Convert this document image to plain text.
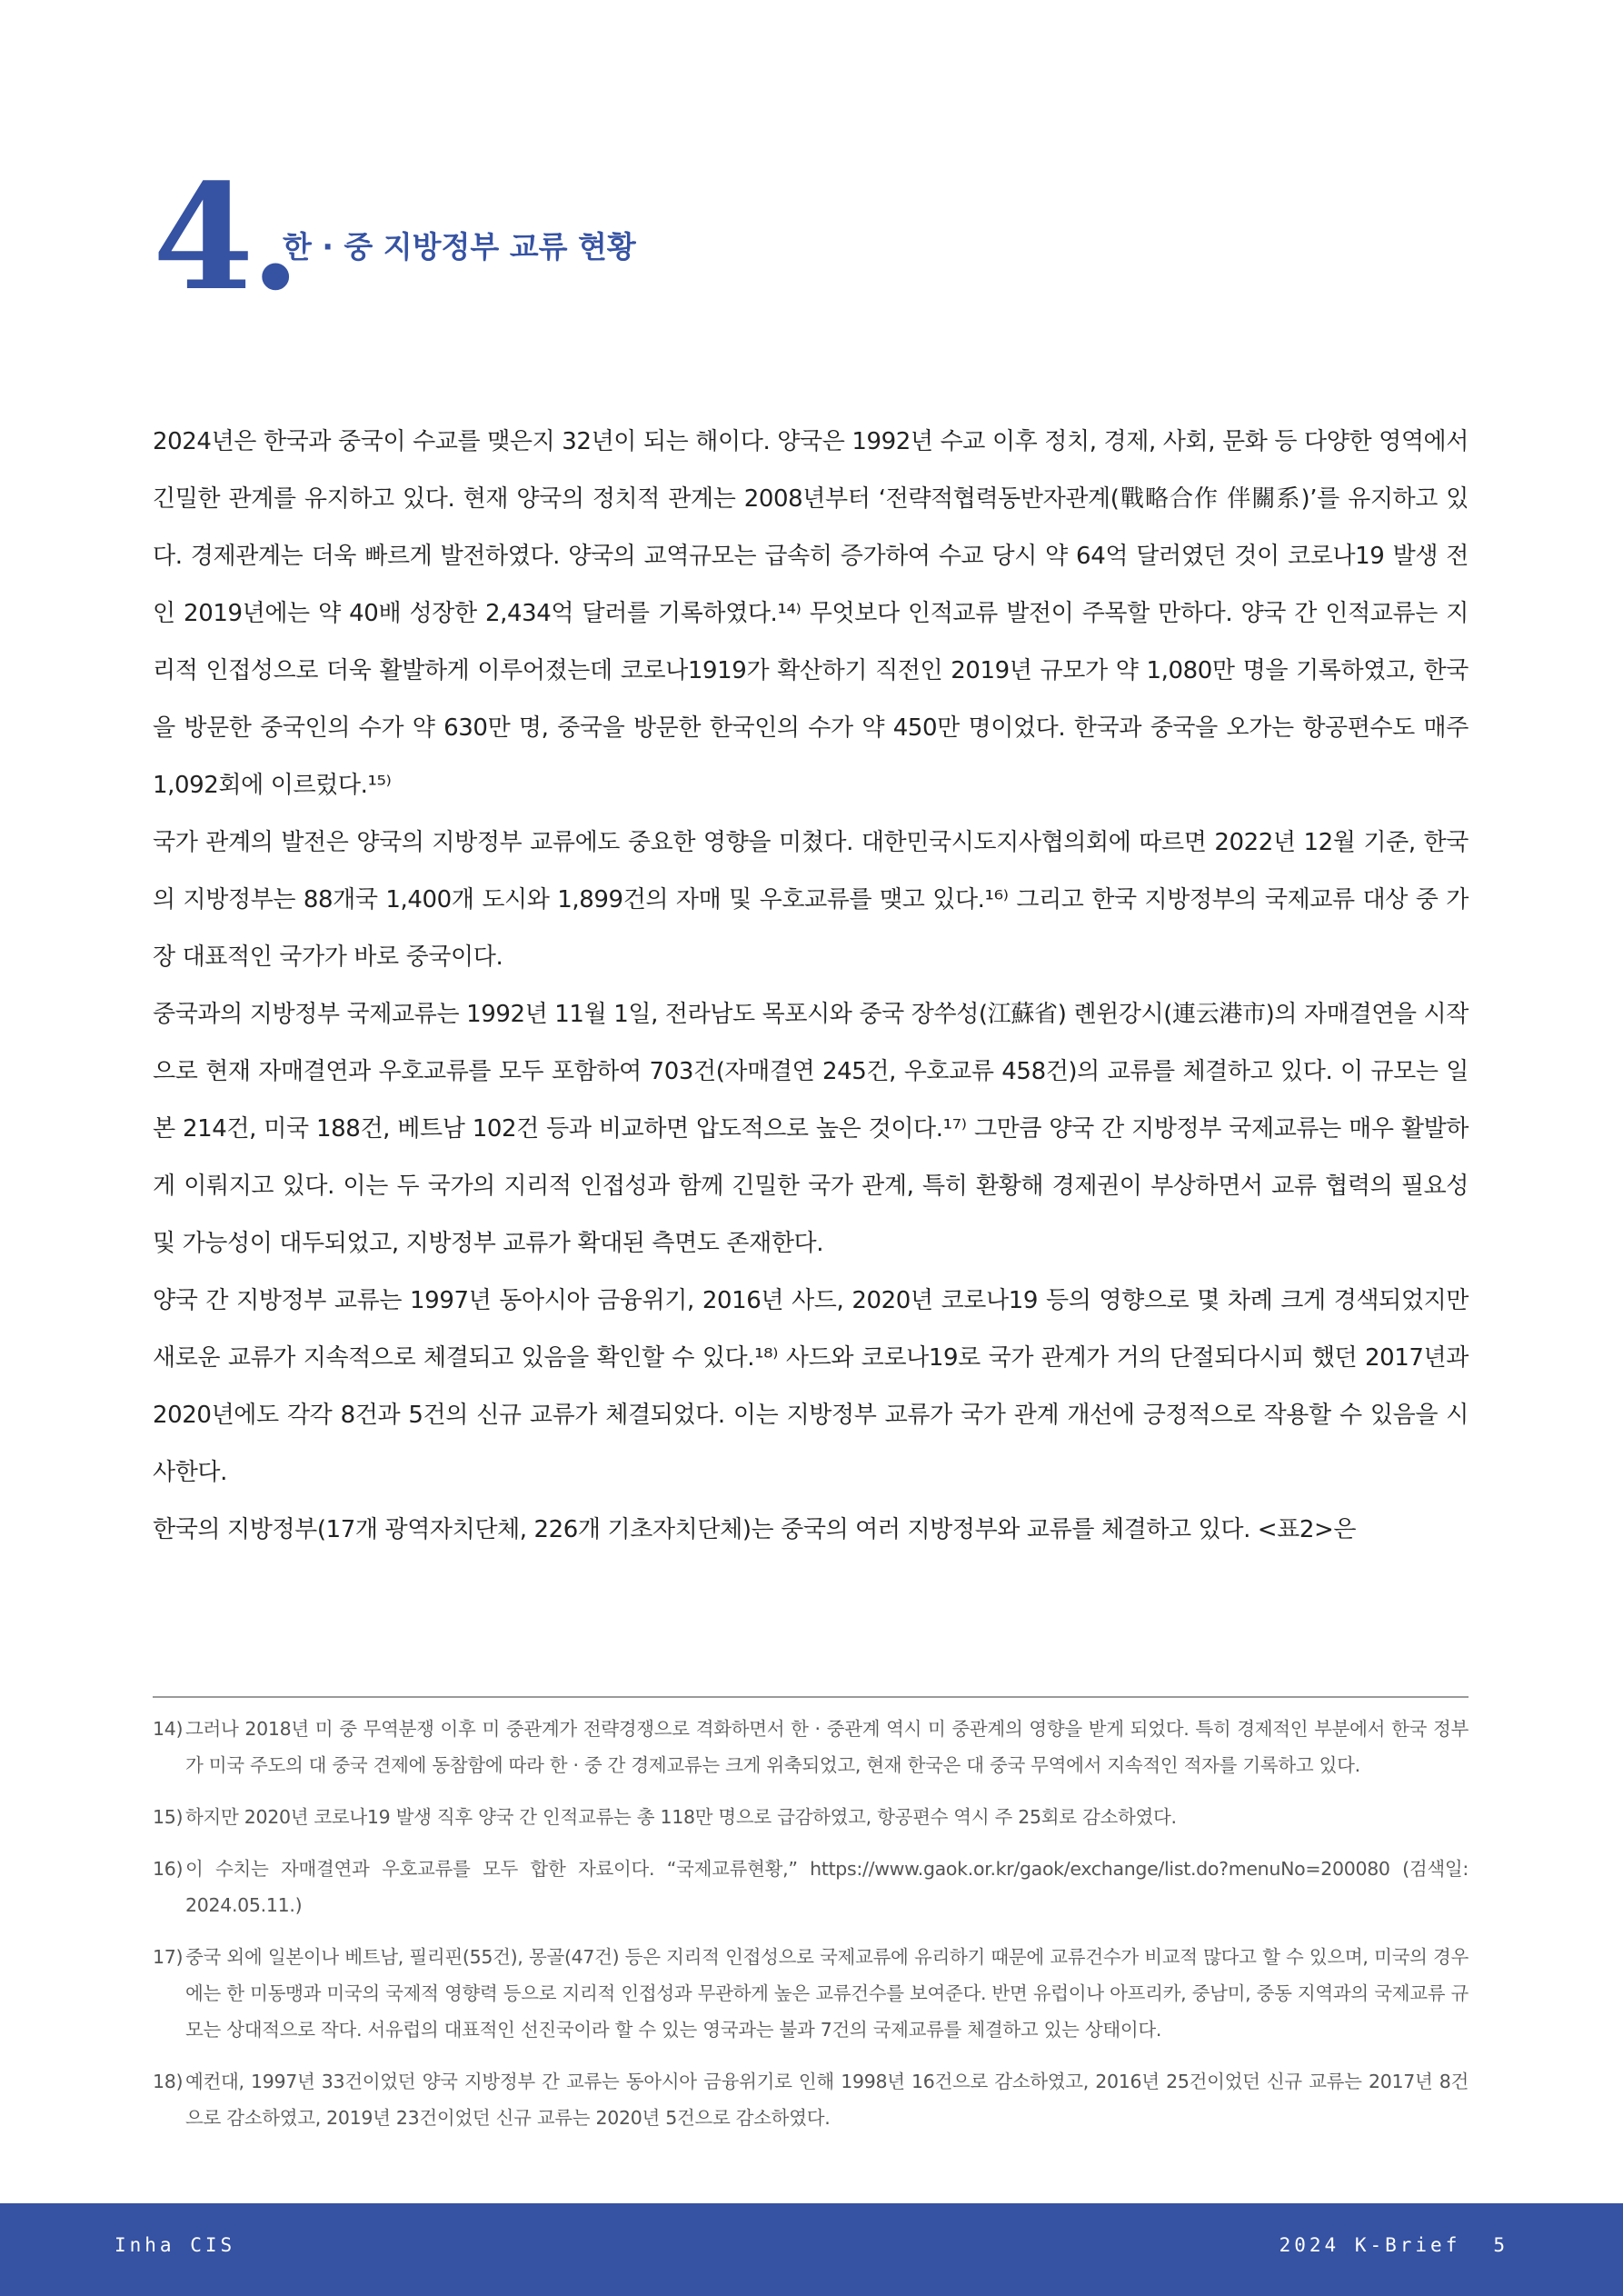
4.
한 · 중 지방정부 교류 현황

2024년은 한국과 중국이 수교를 맺은지 32년이 되는 해이다. 양국은 1992년 수교 이후 정치, 경제, 사회, 문화 등 다양한 영역에서 긴밀한 관계를 유지하고 있다. 현재 양국의 정치적 관계는 2008년부터 ‘전략적협력동반자관계(戰略合作 伴關系)’를 유지하고 있다. 경제관계는 더욱 빠르게 발전하였다. 양국의 교역규모는 급속히 증가하여 수교 당시 약 64억 달러였던 것이 코로나19 발생 전인 2019년에는 약 40배 성장한 2,434억 달러를 기록하였다.¹⁴⁾ 무엇보다 인적교류 발전이 주목할 만하다. 양국 간 인적교류는 지리적 인접성으로 더욱 활발하게 이루어졌는데 코로나1919가 확산하기 직전인 2019년 규모가 약 1,080만 명을 기록하였고, 한국을 방문한 중국인의 수가 약 630만 명, 중국을 방문한 한국인의 수가 약 450만 명이었다. 한국과 중국을 오가는 항공편수도 매주 1,092회에 이르렀다.¹⁵⁾

국가 관계의 발전은 양국의 지방정부 교류에도 중요한 영향을 미쳤다. 대한민국시도지사협의회에 따르면 2022년 12월 기준, 한국의 지방정부는 88개국 1,400개 도시와 1,899건의 자매 및 우호교류를 맺고 있다.¹⁶⁾ 그리고 한국 지방정부의 국제교류 대상 중 가장 대표적인 국가가 바로 중국이다.

중국과의 지방정부 국제교류는 1992년 11월 1일, 전라남도 목포시와 중국 장쑤성(江蘇省) 롄윈강시(連云港市)의 자매결연을 시작으로 현재 자매결연과 우호교류를 모두 포함하여 703건(자매결연 245건, 우호교류 458건)의 교류를 체결하고 있다. 이 규모는 일본 214건, 미국 188건, 베트남 102건 등과 비교하면 압도적으로 높은 것이다.¹⁷⁾ 그만큼 양국 간 지방정부 국제교류는 매우 활발하게 이뤄지고 있다. 이는 두 국가의 지리적 인접성과 함께 긴밀한 국가 관계, 특히 환황해 경제권이 부상하면서 교류 협력의 필요성 및 가능성이 대두되었고, 지방정부 교류가 확대된 측면도 존재한다.

양국 간 지방정부 교류는 1997년 동아시아 금융위기, 2016년 사드, 2020년 코로나19 등의 영향으로 몇 차례 크게 경색되었지만 새로운 교류가 지속적으로 체결되고 있음을 확인할 수 있다.¹⁸⁾ 사드와 코로나19로 국가 관계가 거의 단절되다시피 했던 2017년과 2020년에도 각각 8건과 5건의 신규 교류가 체결되었다. 이는 지방정부 교류가 국가 관계 개선에 긍정적으로 작용할 수 있음을 시사한다.

한국의 지방정부(17개 광역자치단체, 226개 기초자치단체)는 중국의 여러 지방정부와 교류를 체결하고 있다. <표2>은

14) 그러나 2018년 미 중 무역분쟁 이후 미 중관계가 전략경쟁으로 격화하면서 한 · 중관계 역시 미 중관계의 영향을 받게 되었다. 특히 경제적인 부분에서 한국 정부가 미국 주도의 대 중국 견제에 동참함에 따라 한 · 중 간 경제교류는 크게 위축되었고, 현재 한국은 대 중국 무역에서 지속적인 적자를 기록하고 있다.
15) 하지만 2020년 코로나19 발생 직후 양국 간 인적교류는 총 118만 명으로 급감하였고, 항공편수 역시 주 25회로 감소하였다.
16) 이 수치는 자매결연과 우호교류를 모두 합한 자료이다. “국제교류현황,” https://www.gaok.or.kr/gaok/exchange/list.do?menuNo=200080 (검색일: 2024.05.11.)
17) 중국 외에 일본이나 베트남, 필리핀(55건), 몽골(47건) 등은 지리적 인접성으로 국제교류에 유리하기 때문에 교류건수가 비교적 많다고 할 수 있으며, 미국의 경우에는 한 미동맹과 미국의 국제적 영향력 등으로 지리적 인접성과 무관하게 높은 교류건수를 보여준다. 반면 유럽이나 아프리카, 중남미, 중동 지역과의 국제교류 규모는 상대적으로 작다. 서유럽의 대표적인 선진국이라 할 수 있는 영국과는 불과 7건의 국제교류를 체결하고 있는 상태이다.
18) 예컨대, 1997년 33건이었던 양국 지방정부 간 교류는 동아시아 금융위기로 인해 1998년 16건으로 감소하였고, 2016년 25건이었던 신규 교류는 2017년 8건으로 감소하였고, 2019년 23건이었던 신규 교류는 2020년 5건으로 감소하였다.
Inha CIS	2024 K-Brief 5
